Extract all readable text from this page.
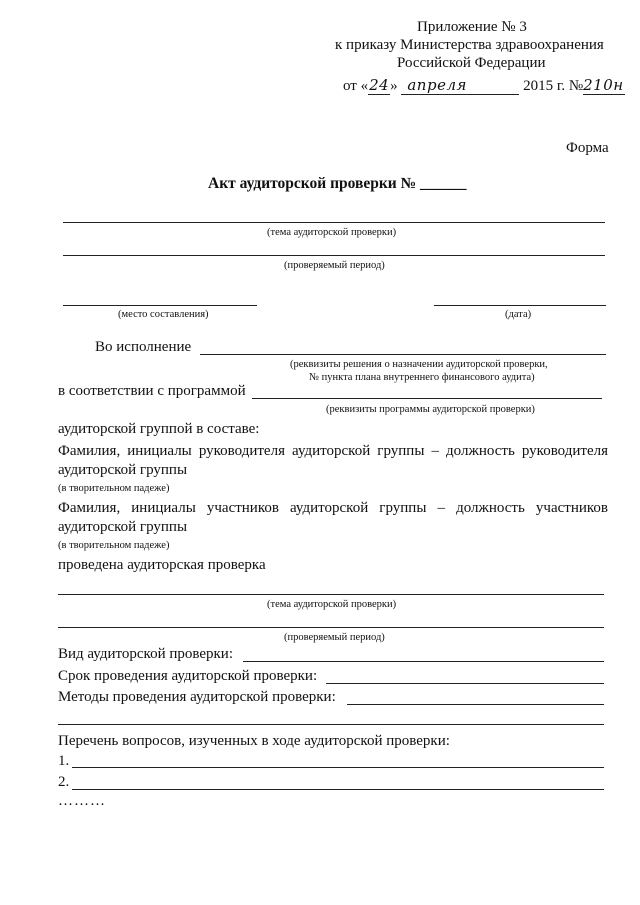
Приложение № 3
к приказу Министерства здравоохранения
Российской Федерации
от «24» апреля	2015 г. №210н
Форма
Акт аудиторской проверки № ______
(тема аудиторской проверки)
(проверяемый период)
(место составления)	(дата)
Во исполнение
(реквизиты решения о назначении аудиторской проверки,
№ пункта плана внутреннего финансового аудита)
в соответствии с программой
(реквизиты программы аудиторской проверки)
аудиторской группой в составе:
Фамилия, инициалы руководителя аудиторской группы – должность руководителя
аудиторской группы
(в творительном падеже)
Фамилия, инициалы участников аудиторской группы – должность участников
аудиторской группы
(в творительном падеже)
проведена аудиторская проверка
(тема аудиторской проверки)
(проверяемый период)
Вид аудиторской проверки:
Срок проведения аудиторской проверки:
Методы проведения аудиторской проверки:
Перечень вопросов, изученных в ходе аудиторской проверки:
1.
2.
………
